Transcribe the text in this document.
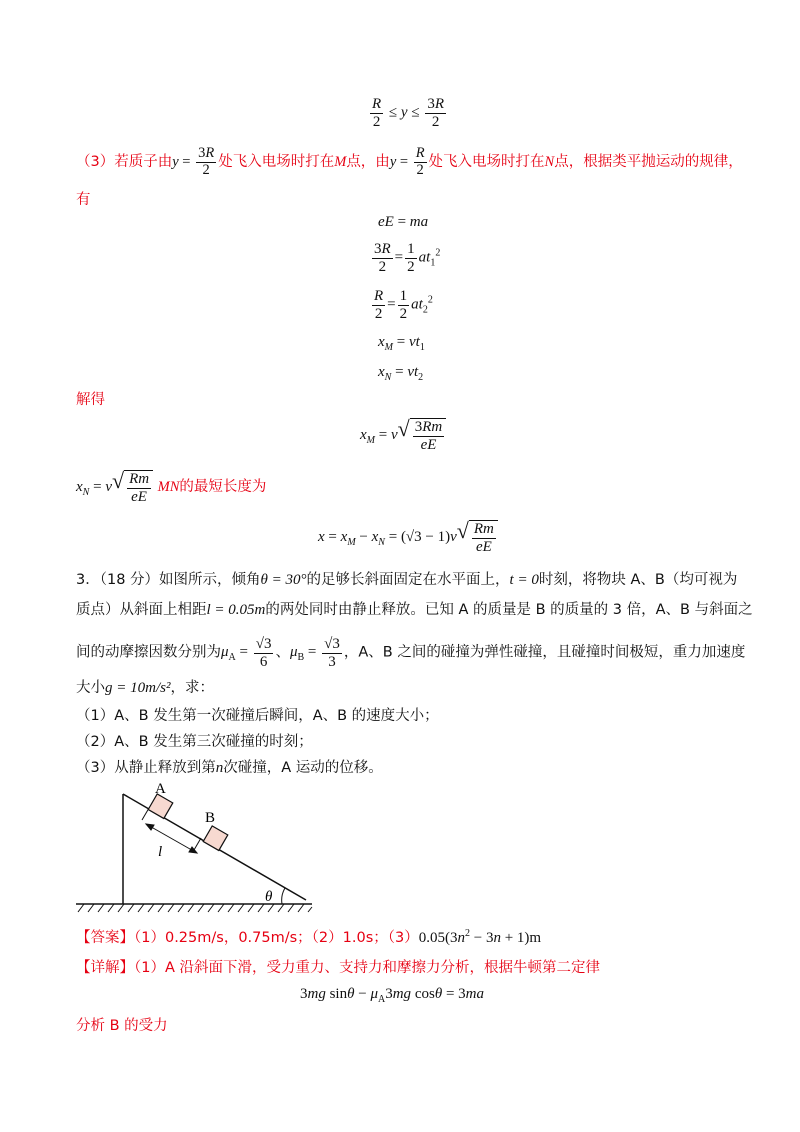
$\frac{R}{2} \le y \le \frac{3R}{2}$
（3）若质子由$y = \frac{3R}{2}$ 处飞入电场时打在M点，由$y = \frac{R}{2}$ 处飞入电场时打在N点，根据类平抛运动的规律，
有
eE = ma
$\frac{3R}{2} = \frac{1}{2} at_1^2$
$\frac{R}{2} = \frac{1}{2} at_2^2$
$x_M = vt_1$
$x_N = vt_2$
解得
$x_M = v$ √ $\frac{3Rm}{eE}$
$x_N = v$ √ $\frac{Rm}{eE}$ MN的最短长度为
$x = x_M - x_N = (√3 - 1)v$ √ $\frac{Rm}{eE}$
3．（18 分）如图所示，倾角θ = 30°的足够长斜面固定在水平面上，t = 0时刻，将物块 A、B（均可视为
质点）从斜面上相距l = 0.05m的两处同时由静止释放。已知 A 的质量是 B 的质量的 3 倍，A、B 与斜面之
间的动摩擦因数分别为$\mu_A = \frac{√3}{6}$ 、$\mu_B = \frac{√3}{3}$ ，A、B 之间的碰撞为弹性碰撞，且碰撞时间极短，重力加速度
大小g = 10m/s²，求：
（1）A、B 发生第一次碰撞后瞬间，A、B 的速度大小；
（2）A、B 发生第三次碰撞的时刻；
（3）从静止释放到第n次碰撞，A 运动的位移。
θ
A
B
l
【答案】（1）0.25m/s，0.75m/s；（2）1.0s；$(3)0.05(3n^2 - 3n + 1)m$
【详解】（1）A 沿斜面下滑，受力重力、支持力和摩擦力分析，根据牛顿第二定律
3mg $\sin\theta - \mu_A3mg$ cosθ = 3ma
分析 B 的受力
